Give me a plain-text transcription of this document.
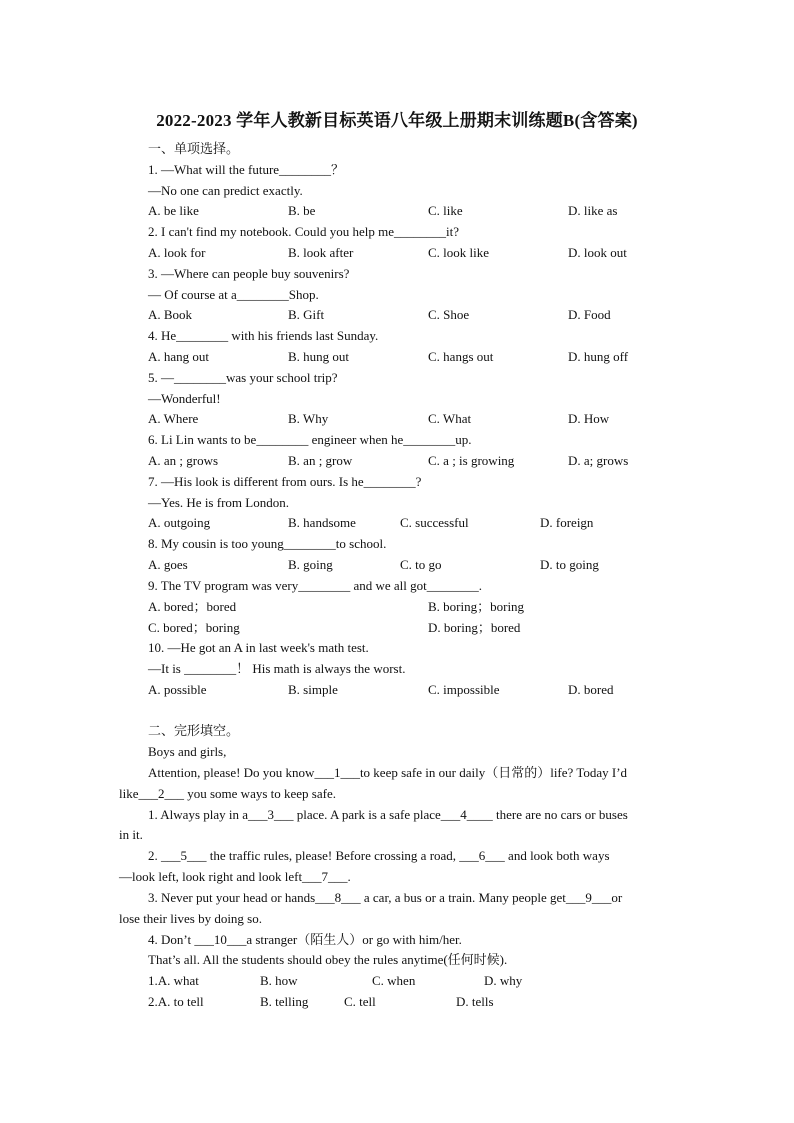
2022-2023 学年人教新目标英语八年级上册期末训练题B(含答案)
一、单项选择。
1. —What will the future________？
—No one can predict exactly.
A. be like	B. be	C. like	D. like as
2. I can't find my notebook. Could you help me________it?
A. look for	B. look after	C. look like	D. look out
3. —Where can people buy souvenirs?
— Of course at a________Shop.
A. Book	B. Gift	C. Shoe	D. Food
4. He________ with his friends last Sunday.
A. hang out	B. hung out	C. hangs out	D. hung off
5. —________was your school trip?
—Wonderful!
A. Where	B. Why	C. What	D. How
6. Li Lin wants to be________ engineer when he________up.
A. an ; grows	B. an ; grow	C. a ; is growing	D. a; grows
7. —His look is different from ours. Is he________?
—Yes. He is from London.
A. outgoing	B. handsome	C. successful	D. foreign
8. My cousin is too young________to school.
A. goes	B. going	C. to go	D. to going
9. The TV program was very________ and we all got________.
A. bored；bored	B. boring；boring
C. bored；boring	D. boring；bored
10. —He got an A in last week's math test.
—It is ________！ His math is always the worst.
A. possible	B. simple	C. impossible	D. bored
二、完形填空。
Boys and girls,
Attention, please! Do you know___1___to keep safe in our daily（日常的）life? Today I’d
like___2___ you some ways to keep safe.
1. Always play in a___3___ place. A park is a safe place___4____ there are no cars or buses
in it.
2. ___5___ the traffic rules, please! Before crossing a road, ___6___ and look both ways
—look left, look right and look left___7___.
3. Never put your head or hands___8___ a car, a bus or a train. Many people get___9___or
lose their lives by doing so.
4. Don’t ___10___a stranger（陌生人）or go with him/her.
That’s all. All the students should obey the rules anytime(任何时候).
1.A. what	B. how	C. when	D. why
2.A. to tell	B. telling	C. tell	D. tells
